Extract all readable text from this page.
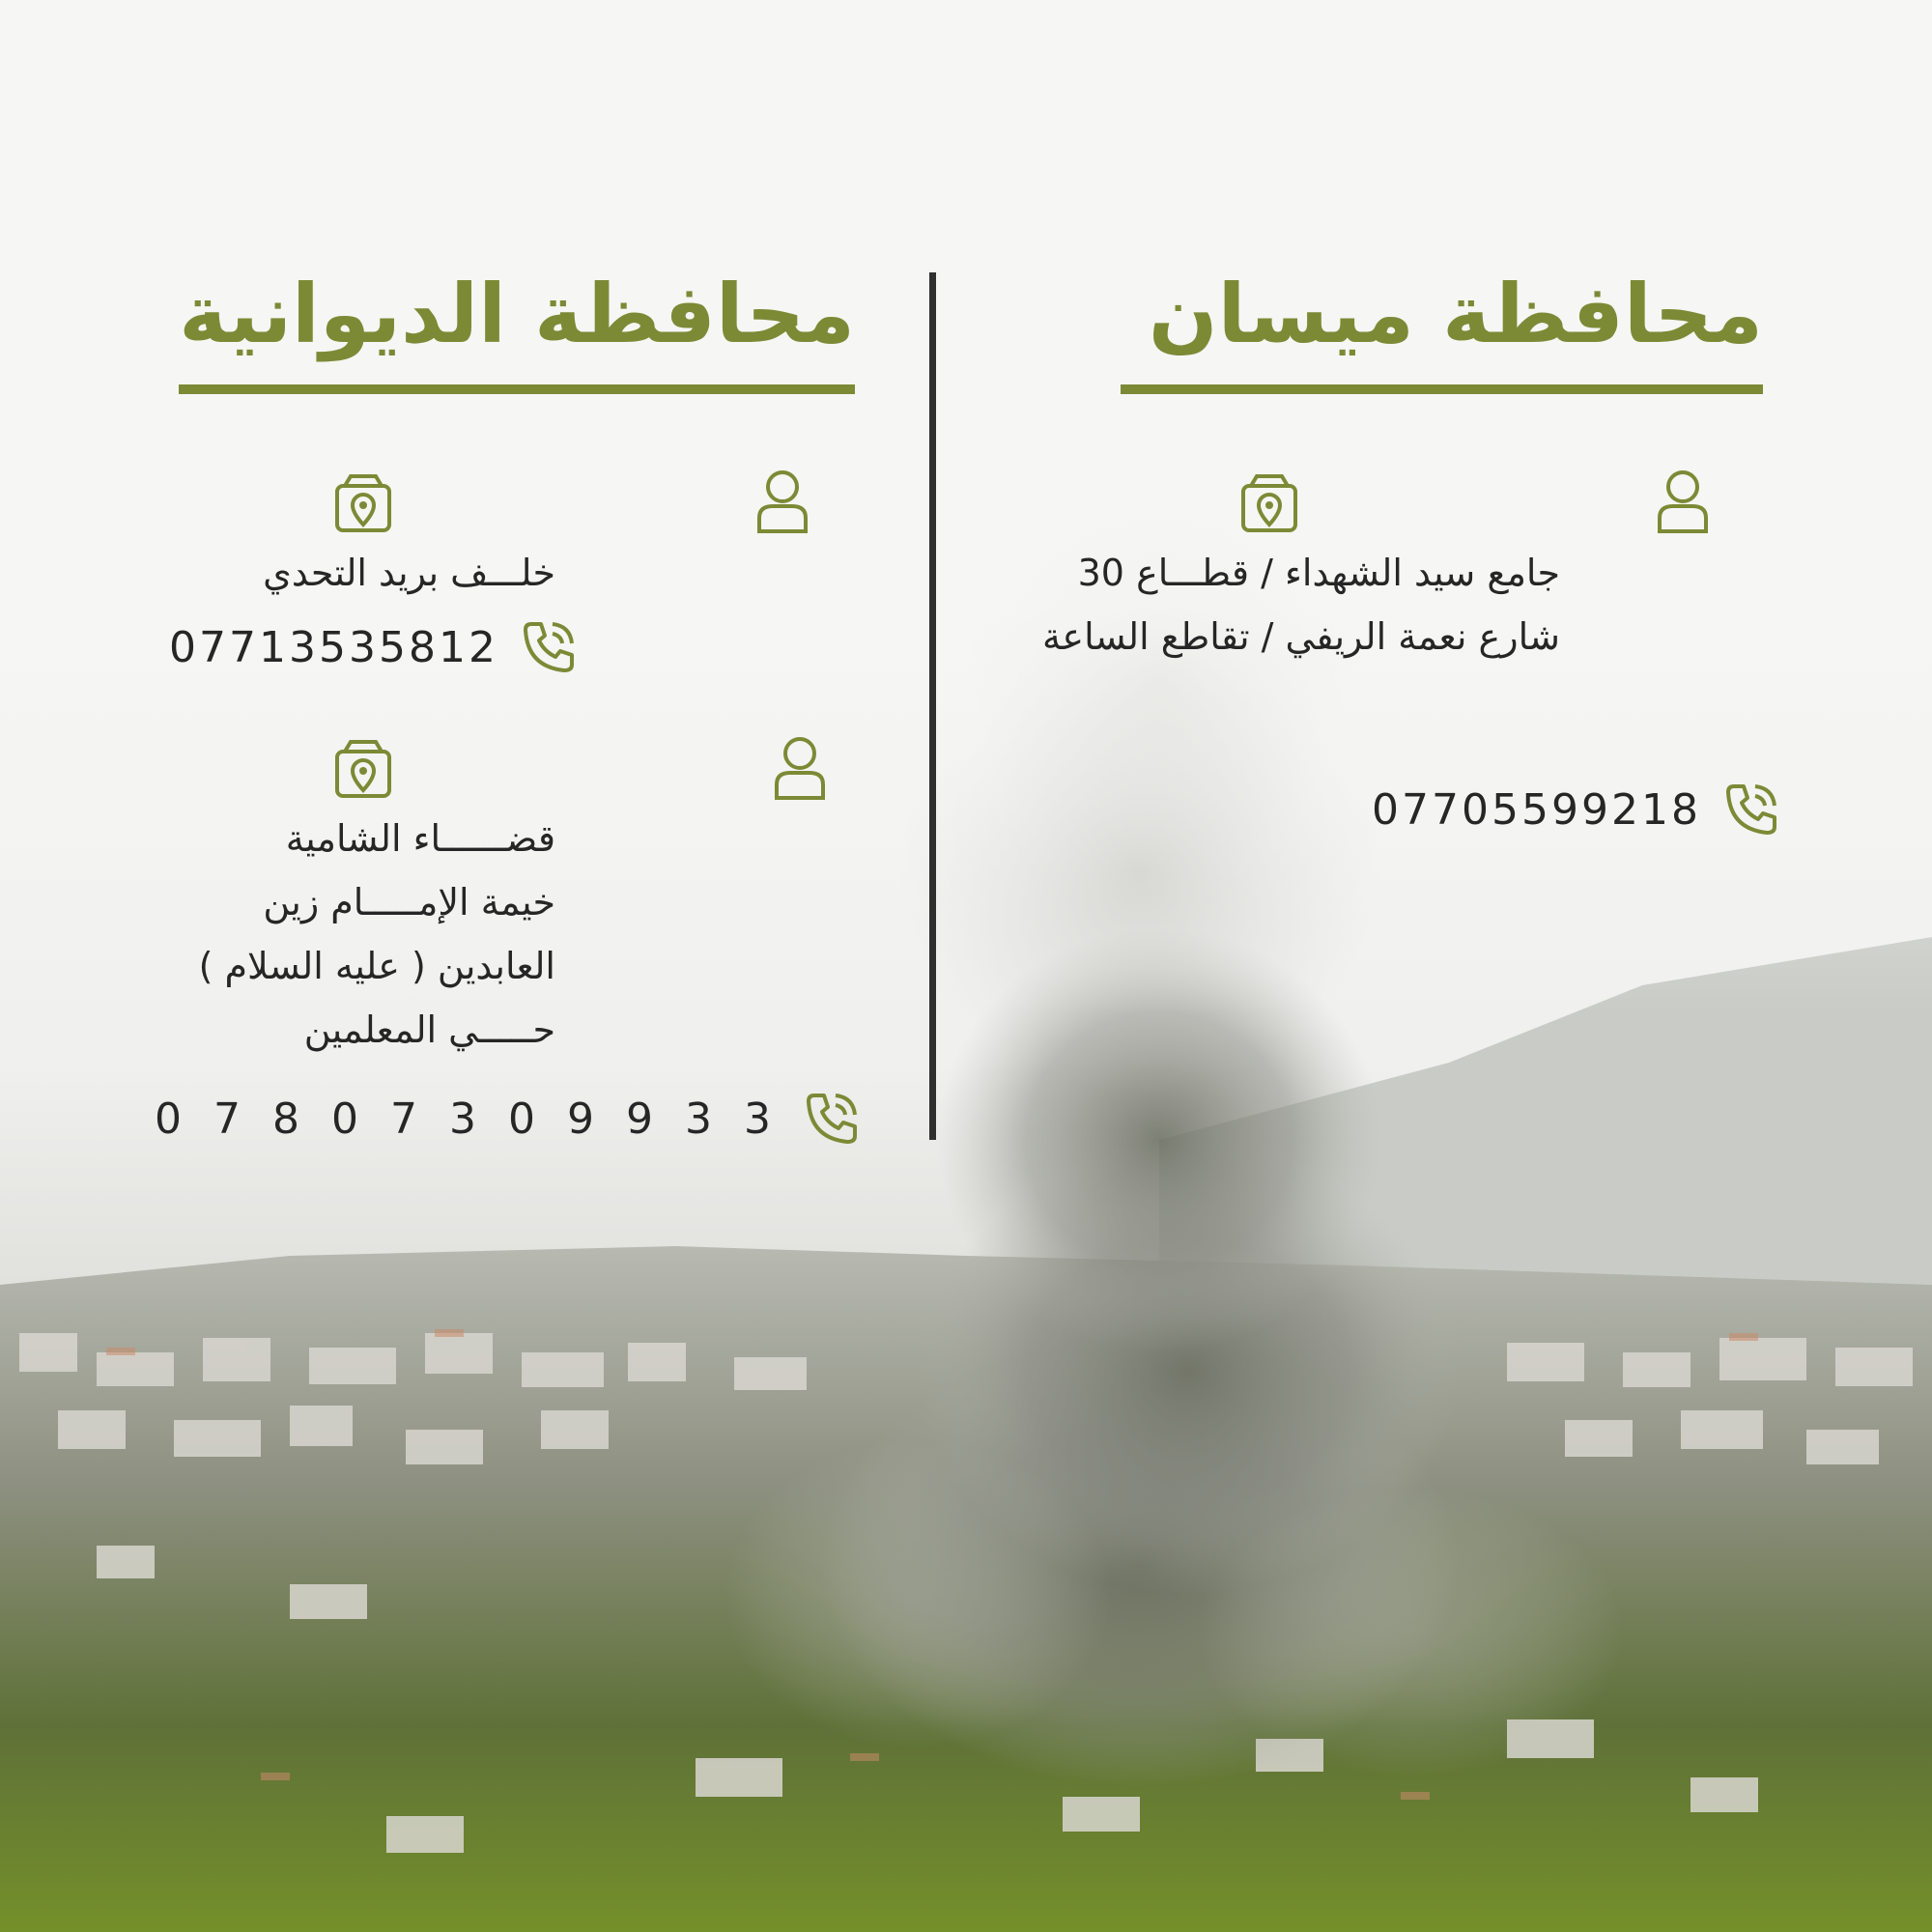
محافظة ميسان
جامع سيد الشهداء / قطـــاع 30
شارع نعمة الريفي / تقاطع الساعة
07705599218
محافظة الديوانية
خلـــف بريد التحدي
07713535812
قضــــــاء الشامية
خيمة الإمـــــام زين
العابدين ( عليه السلام )
حـــــي المعلمين
07807309933
